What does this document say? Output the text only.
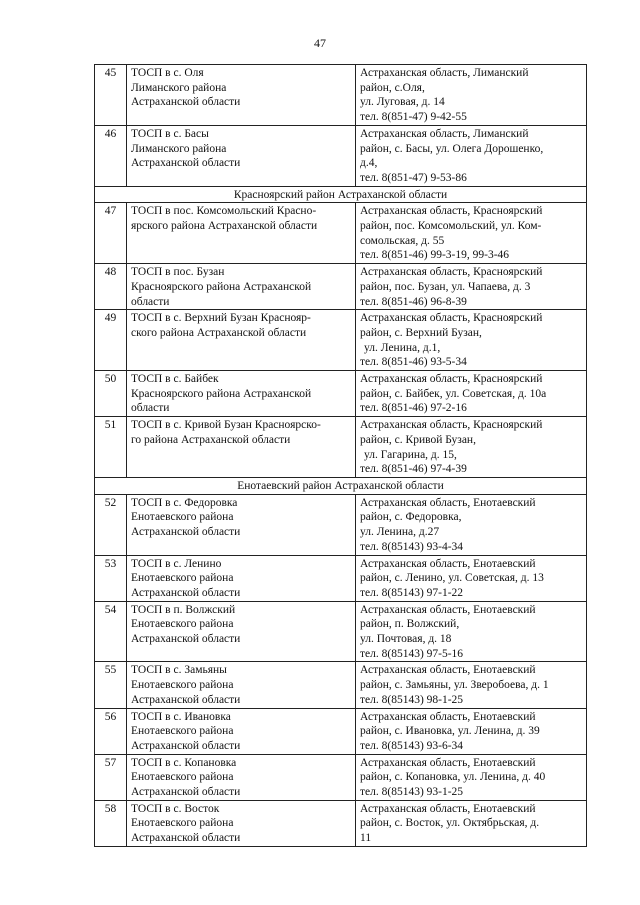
47
45	ТОСП в с. Оля
Лиманского района
Астраханской области	Астраханская область, Лиманский
район, с.Оля,
ул. Луговая, д. 14
тел. 8(851-47) 9-42-55

46	ТОСП в с. Басы
Лиманского района
Астраханской области	Астраханская область, Лиманский
район, с. Басы, ул. Олега Дорошенко,
д.4,
тел. 8(851-47) 9-53-86

Красноярский район Астраханской области		
47	ТОСП в пос. Комсомольский Красно-
ярского района Астраханской области	Астраханская область, Красноярский
район, пос. Комсомольский, ул. Ком-
сомольская, д. 55
тел. 8(851-46) 99-3-19, 99-3-46

48	ТОСП в пос. Бузан
Красноярского района Астраханской
области	Астраханская область, Красноярский
район, пос. Бузан, ул. Чапаева, д. 3
тел. 8(851-46) 96-8-39

49	ТОСП в с. Верхний Бузан Краснояр-
ского района Астраханской области	Астраханская область, Красноярский
район, с. Верхний Бузан,
ул. Ленина, д.1,
тел. 8(851-46) 93-5-34

50	ТОСП в с. Байбек
Красноярского района Астраханской
области	Астраханская область, Красноярский
район, с. Байбек, ул. Советская, д. 10а
тел. 8(851-46) 97-2-16

51	ТОСП в с. Кривой Бузан Красноярско-
го района Астраханской области	Астраханская область, Красноярский
район, с. Кривой Бузан,
ул. Гагарина, д. 15,
тел. 8(851-46) 97-4-39

Енотаевский район Астраханской области		
52	ТОСП в с. Федоровка
Енотаевского района
Астраханской области	Астраханская область, Енотаевский
район, с. Федоровка,
ул. Ленина, д.27
тел. 8(85143) 93-4-34

53	ТОСП в с. Ленино
Енотаевского района
Астраханской области	Астраханская область, Енотаевский
район, с. Ленино, ул. Советская, д. 13
тел. 8(85143) 97-1-22

54	ТОСП в п. Волжский
Енотаевского района
Астраханской области	Астраханская область, Енотаевский
район, п. Волжский,
ул. Почтовая, д. 18
тел. 8(85143) 97-5-16

55	ТОСП в с. Замьяны
Енотаевского района
Астраханской области	Астраханская область, Енотаевский
район, с. Замьяны, ул. Зверобоева, д. 1
тел. 8(85143) 98-1-25

56	ТОСП в с. Ивановка
Енотаевского района
Астраханской области	Астраханская область, Енотаевский
район, с. Ивановка, ул. Ленина, д. 39
тел. 8(85143) 93-6-34

57	ТОСП в с. Копановка
Енотаевского района
Астраханской области	Астраханская область, Енотаевский
район, с. Копановка, ул. Ленина, д. 40
тел. 8(85143) 93-1-25

58	ТОСП в с. Восток
Енотаевского района
Астраханской области	Астраханская область, Енотаевский
район, с. Восток, ул. Октябрьская, д.
11
